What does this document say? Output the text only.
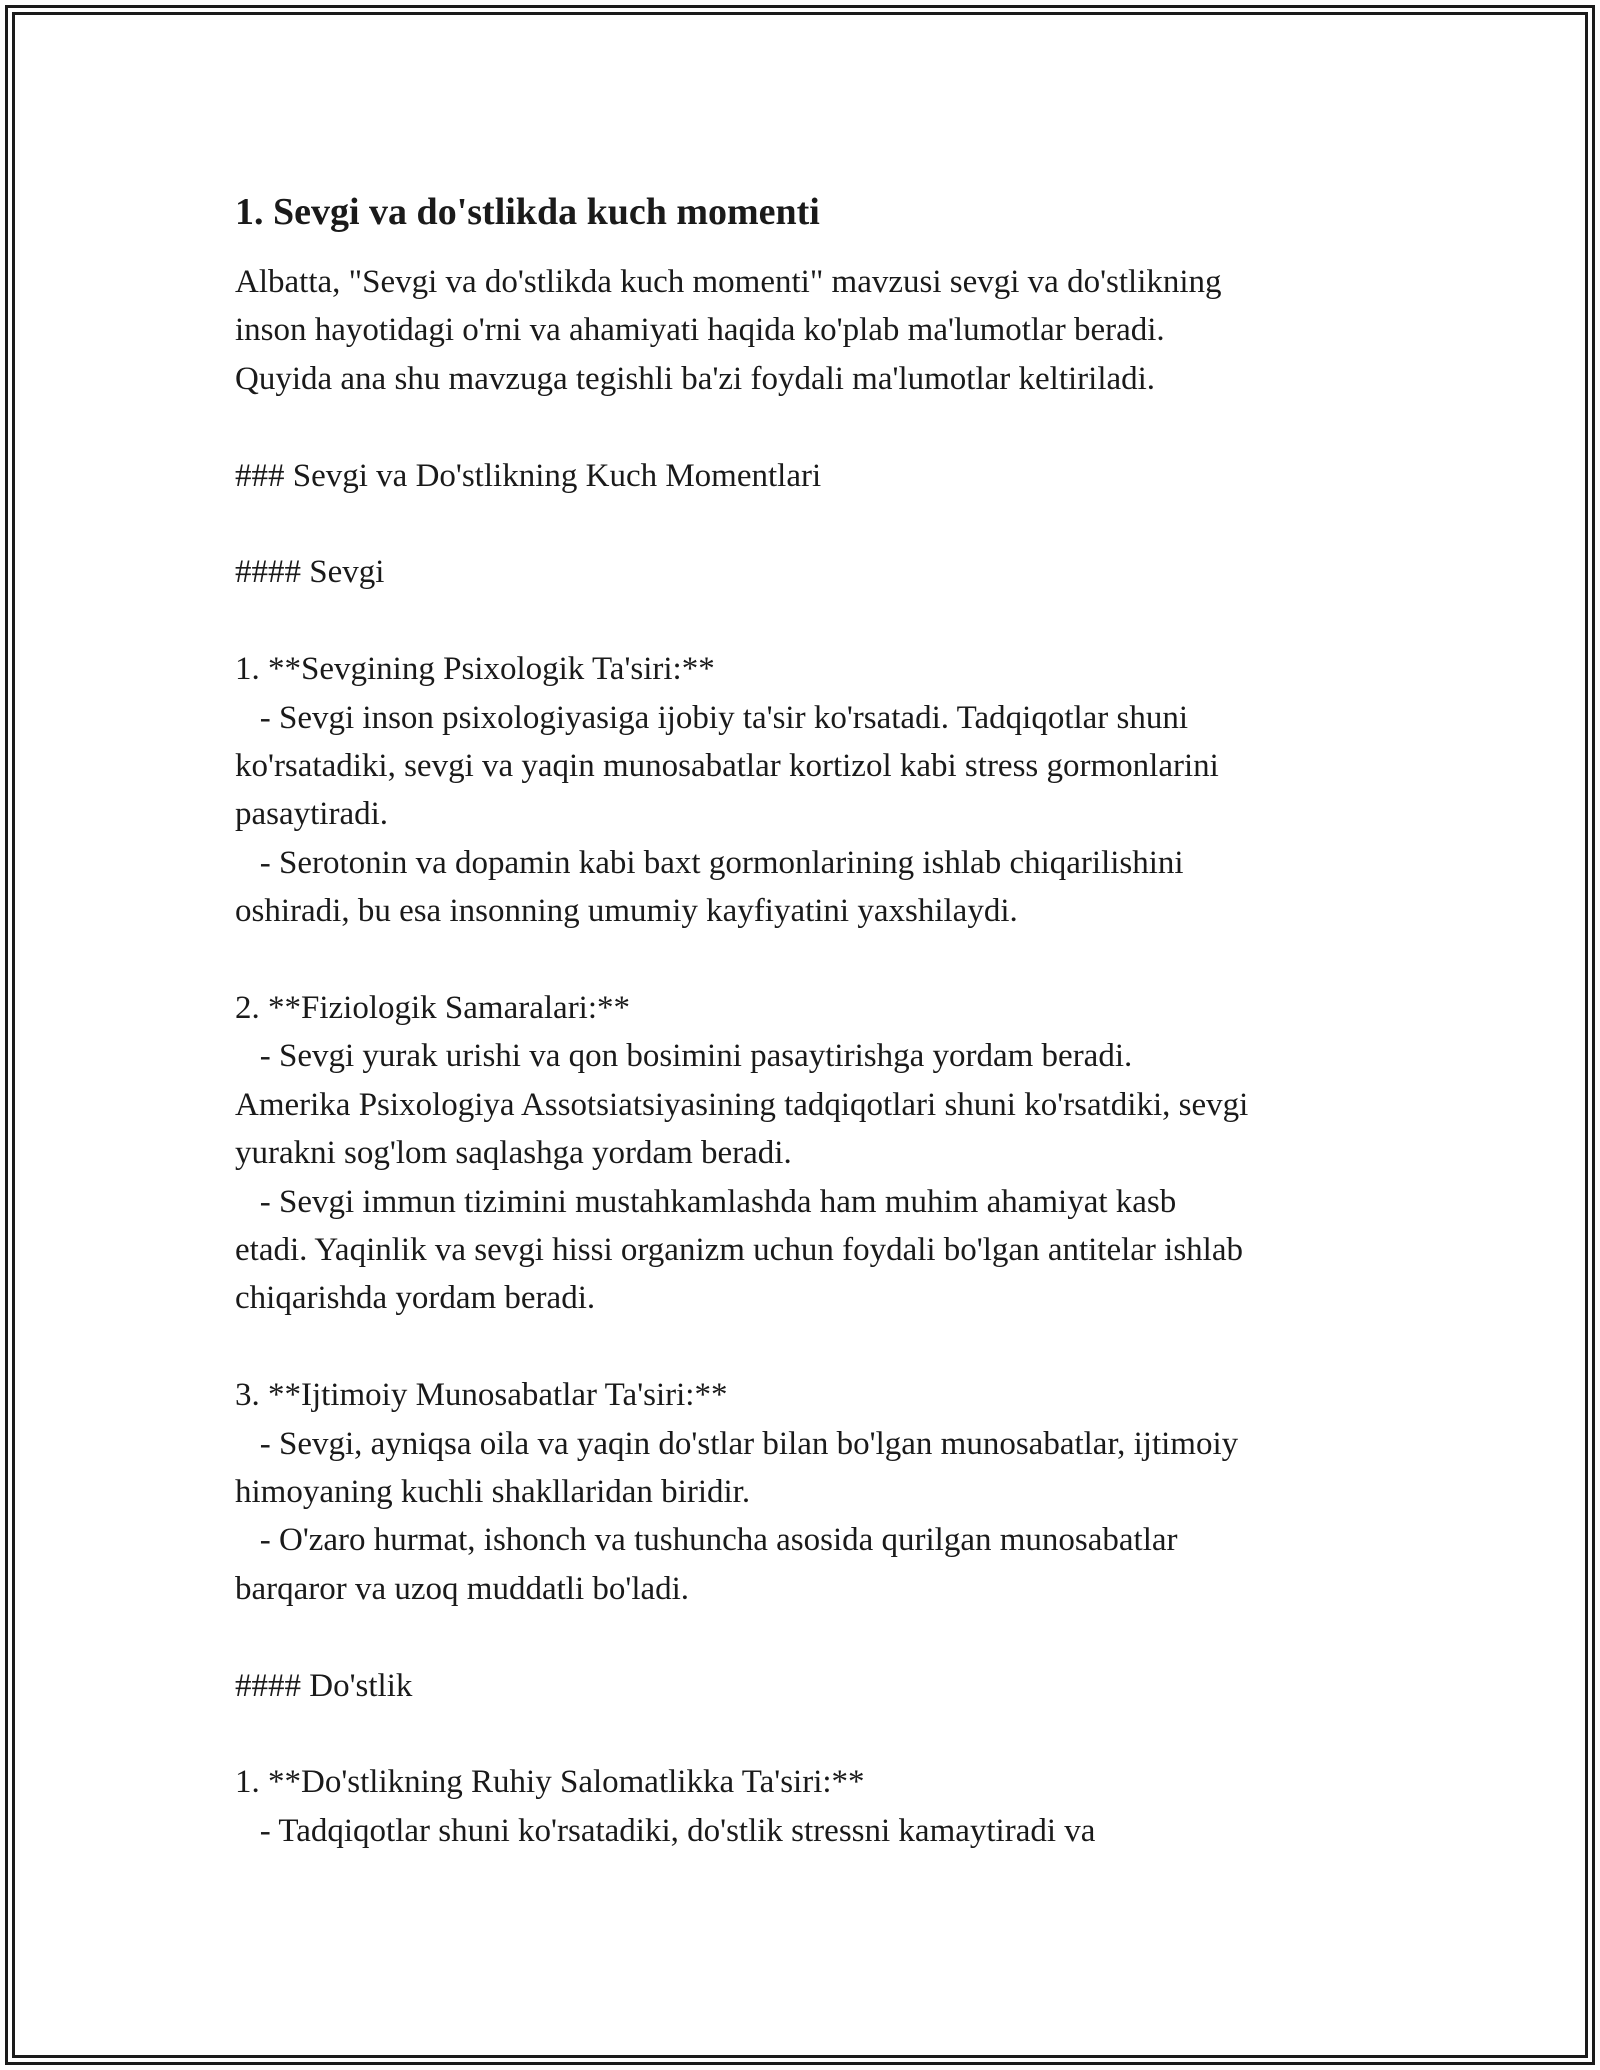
1. Sevgi va do'stlikda kuch momenti

Albatta, "Sevgi va do'stlikda kuch momenti" mavzusi sevgi va do'stlikning
inson hayotidagi o'rni va ahamiyati haqida ko'plab ma'lumotlar beradi.
Quyida ana shu mavzuga tegishli ba'zi foydali ma'lumotlar keltiriladi.

### Sevgi va Do'stlikning Kuch Momentlari

#### Sevgi

1. **Sevgining Psixologik Ta'siri:**
- Sevgi inson psixologiyasiga ijobiy ta'sir ko'rsatadi. Tadqiqotlar shuni
ko'rsatadiki, sevgi va yaqin munosabatlar kortizol kabi stress gormonlarini
pasaytiradi.
- Serotonin va dopamin kabi baxt gormonlarining ishlab chiqarilishini
oshiradi, bu esa insonning umumiy kayfiyatini yaxshilaydi.

2. **Fiziologik Samaralari:**
- Sevgi yurak urishi va qon bosimini pasaytirishga yordam beradi.
Amerika Psixologiya Assotsiatsiyasining tadqiqotlari shuni ko'rsatdiki, sevgi
yurakni sog'lom saqlashga yordam beradi.
- Sevgi immun tizimini mustahkamlashda ham muhim ahamiyat kasb
etadi. Yaqinlik va sevgi hissi organizm uchun foydali bo'lgan antitelar ishlab
chiqarishda yordam beradi.

3. **Ijtimoiy Munosabatlar Ta'siri:**
- Sevgi, ayniqsa oila va yaqin do'stlar bilan bo'lgan munosabatlar, ijtimoiy
himoyaning kuchli shakllaridan biridir.
- O'zaro hurmat, ishonch va tushuncha asosida qurilgan munosabatlar
barqaror va uzoq muddatli bo'ladi.

#### Do'stlik

1. **Do'stlikning Ruhiy Salomatlikka Ta'siri:**
- Tadqiqotlar shuni ko'rsatadiki, do'stlik stressni kamaytiradi va
